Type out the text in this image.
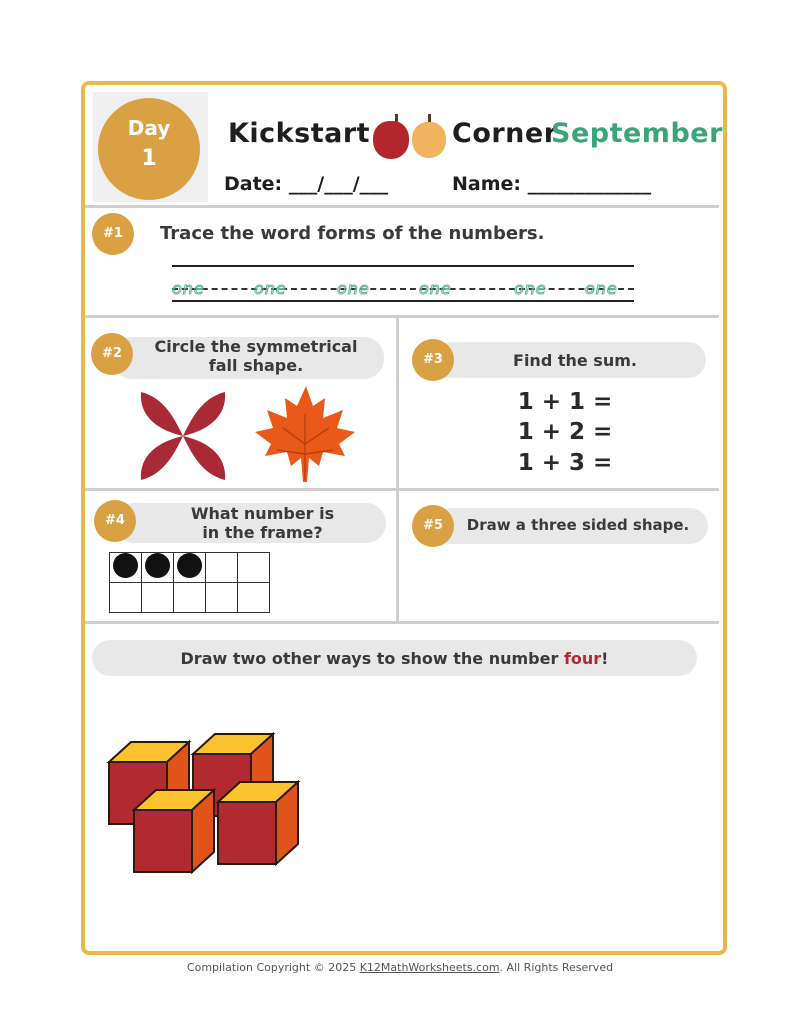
Day
1
Kickstart	Corner
September
Date: ___/___/___	Name: _____________
#1	Trace the word forms of the numbers.
one	one	one	one	one one
#2	Circle the symmetrical
fall shape.	#3	Find the sum.
1 + 1 =
1 + 2 =
1 + 3 =
#4	What number is
in the frame?

					#5	Draw a three sided shape.
Draw two other ways to show the number four!
Compilation Copyright © 2025 K12MathWorksheets.com. All Rights Reserved
